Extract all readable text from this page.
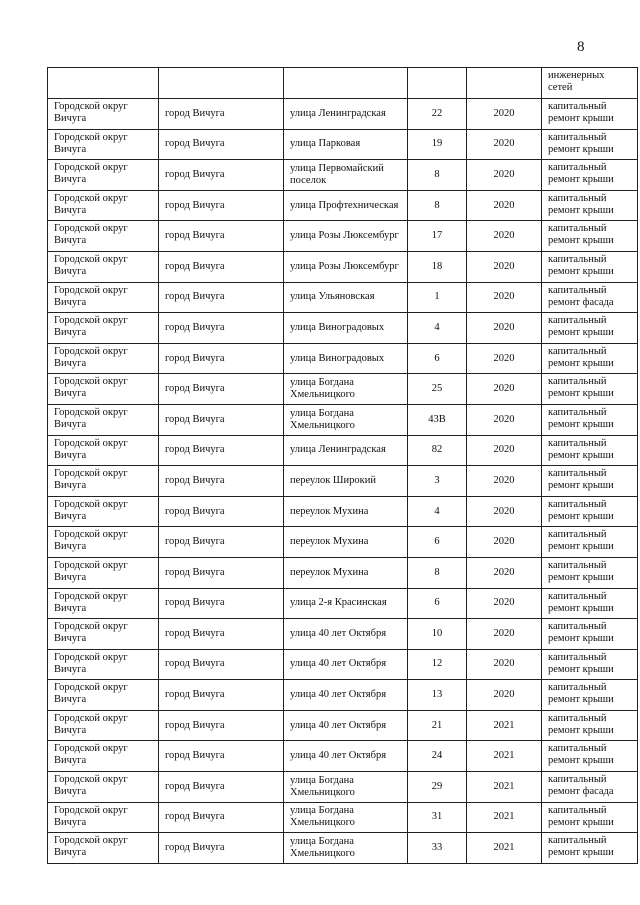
8
					инженерных сетей
Городской округ Вичуга	город Вичуга	улица Ленинградская	22	2020	капитальный ремонт крыши
Городской округ Вичуга	город Вичуга	улица Парковая	19	2020	капитальный ремонт крыши
Городской округ Вичуга	город Вичуга	улица Первомайский поселок	8	2020	капитальный ремонт крыши
Городской округ Вичуга	город Вичуга	улица Профтехническая	8	2020	капитальный ремонт крыши
Городской округ Вичуга	город Вичуга	улица Розы Люксембург	17	2020	капитальный ремонт крыши
Городской округ Вичуга	город Вичуга	улица Розы Люксембург	18	2020	капитальный ремонт крыши
Городской округ Вичуга	город Вичуга	улица Ульяновская	1	2020	капитальный ремонт фасада
Городской округ Вичуга	город Вичуга	улица Виноградовых	4	2020	капитальный ремонт крыши
Городской округ Вичуга	город Вичуга	улица Виноградовых	6	2020	капитальный ремонт крыши
Городской округ Вичуга	город Вичуга	улица Богдана Хмельницкого	25	2020	капитальный ремонт крыши
Городской округ Вичуга	город Вичуга	улица Богдана Хмельницкого	43В	2020	капитальный ремонт крыши
Городской округ Вичуга	город Вичуга	улица Ленинградская	82	2020	капитальный ремонт крыши
Городской округ Вичуга	город Вичуга	переулок Широкий	3	2020	капитальный ремонт крыши
Городской округ Вичуга	город Вичуга	переулок Мухина	4	2020	капитальный ремонт крыши
Городской округ Вичуга	город Вичуга	переулок Мухина	6	2020	капитальный ремонт крыши
Городской округ Вичуга	город Вичуга	переулок Мухина	8	2020	капитальный ремонт крыши
Городской округ Вичуга	город Вичуга	улица 2-я Красинская	6	2020	капитальный ремонт крыши
Городской округ Вичуга	город Вичуга	улица 40 лет Октября	10	2020	капитальный ремонт крыши
Городской округ Вичуга	город Вичуга	улица 40 лет Октября	12	2020	капитальный ремонт крыши
Городской округ Вичуга	город Вичуга	улица 40 лет Октября	13	2020	капитальный ремонт крыши
Городской округ Вичуга	город Вичуга	улица 40 лет Октября	21	2021	капитальный ремонт крыши
Городской округ Вичуга	город Вичуга	улица 40 лет Октября	24	2021	капитальный ремонт крыши
Городской округ Вичуга	город Вичуга	улица Богдана Хмельницкого	29	2021	капитальный ремонт фасада
Городской округ Вичуга	город Вичуга	улица Богдана Хмельницкого	31	2021	капитальный ремонт крыши
Городской округ Вичуга	город Вичуга	улица Богдана Хмельницкого	33	2021	капитальный ремонт крыши
